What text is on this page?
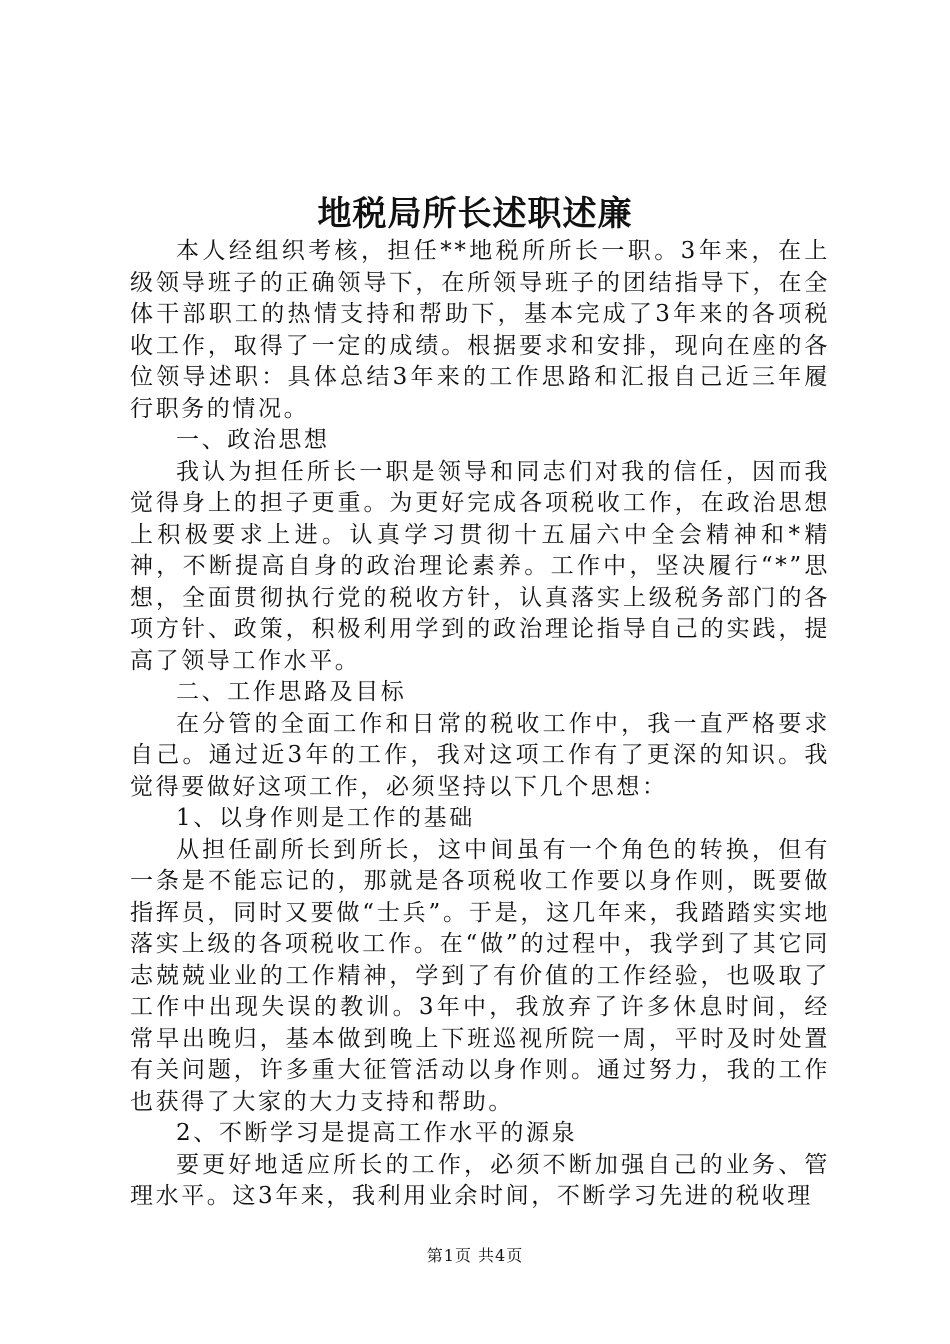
地税局所长述职述廉

本人经组织考核，担任**地税所所长一职。3年来，在上级领导班子的正确领导下，在所领导班子的团结指导下，在全体干部职工的热情支持和帮助下，基本完成了3年来的各项税收工作，取得了一定的成绩。根据要求和安排，现向在座的各位领导述职：具体总结3年来的工作思路和汇报自己近三年履行职务的情况。

一、政治思想

我认为担任所长一职是领导和同志们对我的信任，因而我觉得身上的担子更重。为更好完成各项税收工作，在政治思想上积极要求上进。认真学习贯彻十五届六中全会精神和*精神，不断提高自身的政治理论素养。工作中，坚决履行“*”思想，全面贯彻执行党的税收方针，认真落实上级税务部门的各项方针、政策，积极利用学到的政治理论指导自己的实践，提高了领导工作水平。

二、工作思路及目标

在分管的全面工作和日常的税收工作中，我一直严格要求自己。通过近3年的工作，我对这项工作有了更深的知识。我觉得要做好这项工作，必须坚持以下几个思想：

1、以身作则是工作的基础

从担任副所长到所长，这中间虽有一个角色的转换，但有一条是不能忘记的，那就是各项税收工作要以身作则，既要做指挥员，同时又要做“士兵”。于是，这几年来，我踏踏实实地落实上级的各项税收工作。在“做”的过程中，我学到了其它同志兢兢业业的工作精神，学到了有价值的工作经验，也吸取了工作中出现失误的教训。3年中，我放弃了许多休息时间，经常早出晚归，基本做到晚上下班巡视所院一周，平时及时处置有关问题，许多重大征管活动以身作则。通过努力，我的工作也获得了大家的大力支持和帮助。

2、不断学习是提高工作水平的源泉

要更好地适应所长的工作，必须不断加强自己的业务、管理水平。这3年来，我利用业余时间，不断学习先进的税收理

第1页 共4页
